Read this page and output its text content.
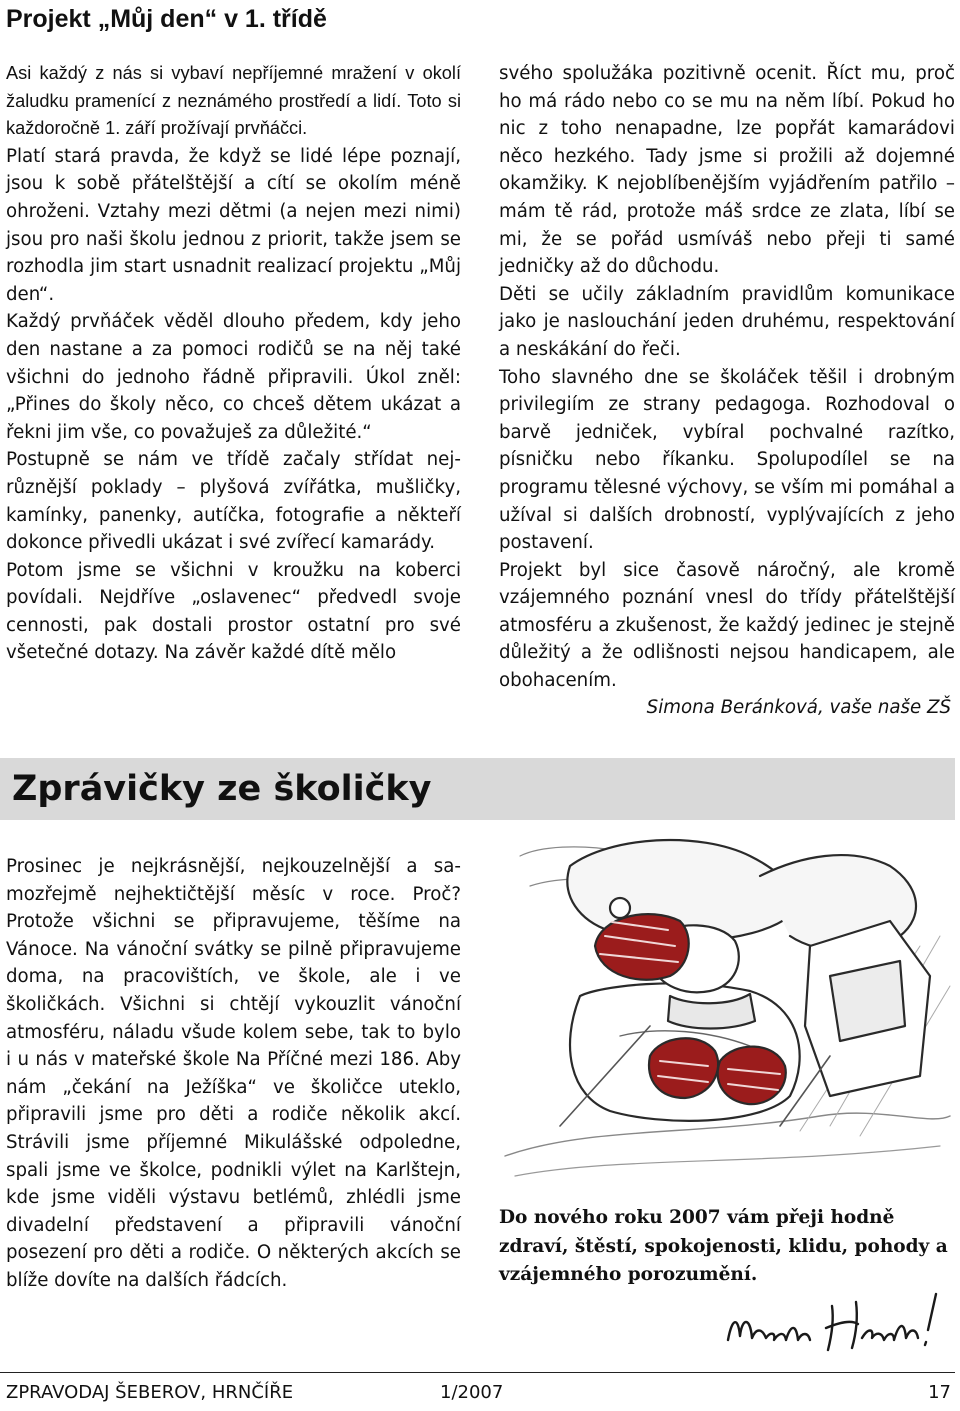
Projekt „Můj den“ v 1. třídě

Asi každý z nás si vybaví nepříjemné mražení v okolí žaludku pramenící z neznámého prostředí a lidí. Toto si každoročně 1. září prožívají prvňáčci.

Platí stará pravda, že když se lidé lépe poznají, jsou k sobě přátelštější a cítí se okolím méně ohroženi. Vztahy mezi dětmi (a nejen mezi nimi) jsou pro naši školu jednou z priorit, takže jsem se rozhodla jim start usnadnit realizací projektu „Můj den“.

Každý prvňáček věděl dlouho předem, kdy jeho den nastane a za pomoci rodičů se na něj také všichni do jednoho řádně připravili. Úkol zněl: „Přines do školy něco, co chceš dětem ukázat a řekni jim vše, co považuješ za důležité.“

Postupně se nám ve třídě začaly střídat nejrůznější poklady – plyšová zvířátka, mušličky, kamínky, panenky, autíčka, fotografie a někteří dokonce přivedli ukázat i své zvířecí kamarády.

Potom jsme se všichni v kroužku na koberci povídali. Nejdříve „oslavenec“ předvedl svoje cennosti, pak dostali prostor ostatní pro své všetečné dotazy. Na závěr každé dítě mělo

svého spolužáka pozitivně ocenit. Říct mu, proč ho má rádo nebo co se mu na něm líbí. Pokud ho nic z toho nenapadne, lze popřát kamarádovi něco hezkého. Tady jsme si prožili až dojemné okamžiky. K nejoblíbenějším vyjádřením patřilo – mám tě rád, protože máš srdce ze zlata, líbí se mi, že se pořád usmíváš nebo přeji ti samé jedničky až do důchodu.

Děti se učily základním pravidlům komunikace jako je naslouchání jeden druhému, respektování a neskákání do řeči.

Toho slavného dne se školáček těšil i drobným privilegiím ze strany pedagoga. Rozhodoval o barvě jedniček, vybíral pochvalné razítko, písničku nebo říkanku. Spolupodílel se na programu tělesné výchovy, se vším mi pomáhal a užíval si dalších drobností, vyplývajících z jeho postavení.

Projekt byl sice časově náročný, ale kromě vzájemného poznání vnesl do třídy přátelštější atmosféru a zkušenost, že každý jedinec je stejně důležitý a že odlišnosti nejsou handicapem, ale obohacením.

Simona Beránková, vaše naše ZŠ
Zprávičky ze školičky

Prosinec je nejkrásnější, nejkouzelnější a samozřejmě nejhektičtější měsíc v roce. Proč? Protože všichni se připravujeme, těšíme na Vánoce. Na vánoční svátky se pilně připravujeme doma, na pracovištích, ve škole, ale i ve školičkách. Všichni si chtějí vykouzlit vánoční atmosféru, náladu všude kolem sebe, tak to bylo i u nás v mateřské škole Na Příčné mezi 186. Aby nám „čekání na Ježíška“ ve školičce uteklo, připravili jsme pro děti a rodiče několik akcí. Strávili jsme příjemné Mikulášské odpoledne, spali jsme ve školce, podnikli výlet na Karlštejn, kde jsme viděli výstavu betlémů, zhlédli jsme divadelní představení a připravili vánoční posezení pro děti a rodiče. O některých akcích se blíže dovíte na dalších řádcích.

Do nového roku 2007 vám přeji hodně zdraví, štěstí, spokojenosti, klidu, pohody a vzájemného porozumění.
ZPRAVODAJ ŠEBEROV, HRNČÍŘE	1/2007	17
